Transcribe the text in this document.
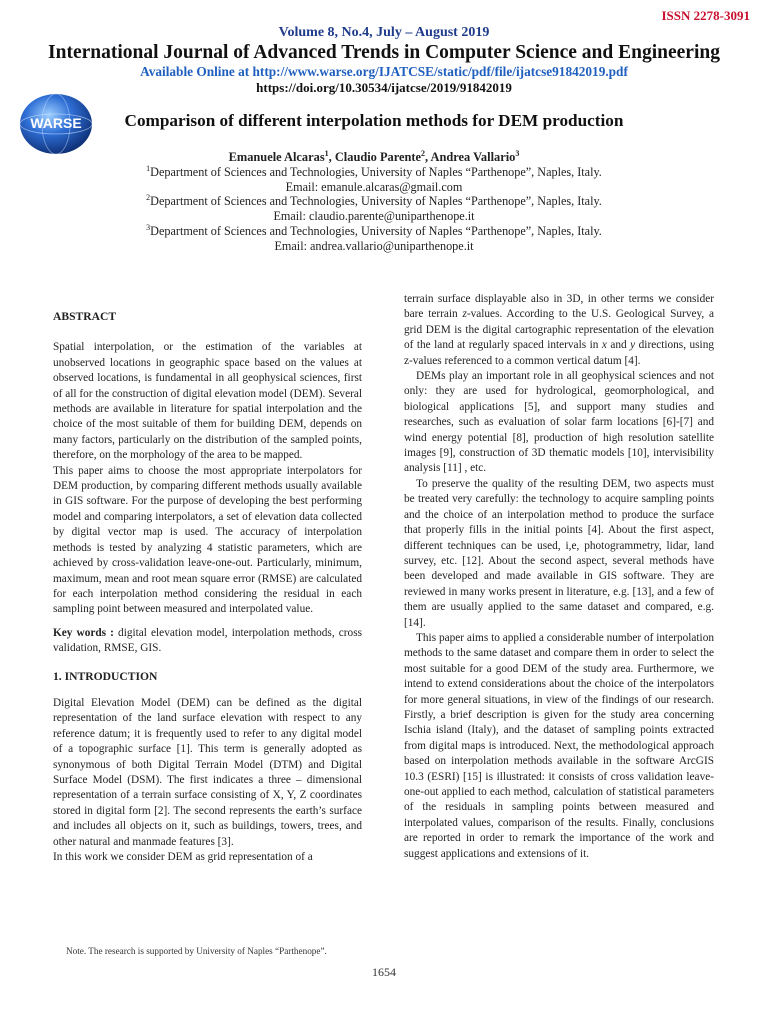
ISSN 2278-3091
Volume 8, No.4, July – August 2019
International Journal of Advanced Trends in Computer Science and Engineering
Available Online at http://www.warse.org/IJATCSE/static/pdf/file/ijatcse91842019.pdf
https://doi.org/10.30534/ijatcse/2019/91842019
WARSE	Comparison of different interpolation methods for DEM production
Emanuele Alcaras$^1$, Claudio Parente$^2$, Andrea Vallario$^3$
$^1$Department of Sciences and Technologies, University of Naples “Parthenope”, Naples, Italy.
Email: emanule.alcaras@gmail.com
$^2$Department of Sciences and Technologies, University of Naples “Parthenope”, Naples, Italy.
Email: claudio.parente@uniparthenope.it
$^3$Department of Sciences and Technologies, University of Naples “Parthenope”, Naples, Italy.
Email: andrea.vallario@uniparthenope.it

ABSTRACT

Spatial interpolation, or the estimation of the variables at unobserved locations in geographic space based on the values at observed locations, is fundamental in all geophysical sciences, first of all for the construction of digital elevation model (DEM). Several methods are available in literature for spatial interpolation and the choice of the most suitable of them for building DEM, depends on many factors, particularly on the distribution of the sampled points, therefore, on the morphology of the area to be mapped.

This paper aims to choose the most appropriate interpolators for DEM production, by comparing different methods usually available in GIS software. For the purpose of developing the best performing model and comparing interpolators, a set of elevation data collected by digital vector map is used. The accuracy of interpolation methods is tested by analyzing 4 statistic parameters, which are achieved by cross-validation leave-one-out. Particularly, minimum, maximum, mean and root mean square error (RMSE) are calculated for each interpolation method considering the residual in each sampling point between measured and interpolated value.

Key words : digital elevation model, interpolation methods, cross validation, RMSE, GIS.

1. INTRODUCTION

Digital Elevation Model (DEM) can be defined as the digital representation of the land surface elevation with respect to any reference datum; it is frequently used to refer to any digital model of a topographic surface [1]. This term is generally adopted as synonymous of both Digital Terrain Model (DTM) and Digital Surface Model (DSM). The first indicates a three – dimensional representation of a terrain surface consisting of X, Y, Z coordinates stored in digital form [2]. The second represents the earth’s surface and includes all objects on it, such as buildings, towers, trees, and other natural and manmade features [3].

In this work we consider DEM as grid representation of a

terrain surface displayable also in 3D, in other terms we consider bare terrain z-values. According to the U.S. Geological Survey, a grid DEM is the digital cartographic representation of the elevation of the land at regularly spaced intervals in x and y directions, using z-values referenced to a common vertical datum [4].

DEMs play an important role in all geophysical sciences and not only: they are used for hydrological, geomorphological, and biological applications [5], and support many studies and researches, such as evaluation of solar farm locations [6]-[7] and wind energy potential [8], production of high resolution satellite images [9], construction of 3D thematic models [10], intervisibility analysis [11] , etc.

To preserve the quality of the resulting DEM, two aspects must be treated very carefully: the technology to acquire sampling points and the choice of an interpolation method to produce the surface that properly fills in the initial points [4]. About the first aspect, different techniques can be used, i,e, photogrammetry, lidar, land survey, etc. [12]. About the second aspect, several methods have been developed and made available in GIS software. They are reviewed in many works present in literature, e.g. [13], and a few of them are usually applied to the same dataset and compared, e.g. [14].

This paper aims to applied a considerable number of interpolation methods to the same dataset and compare them in order to select the most suitable for a good DEM of the study area. Furthermore, we intend to extend considerations about the choice of the interpolators for more general situations, in view of the findings of our research. Firstly, a brief description is given for the study area concerning Ischia island (Italy), and the dataset of sampling points extracted from digital maps is introduced. Next, the methodological approach based on interpolation methods available in the software ArcGIS 10.3 (ESRI) [15] is illustrated: it consists of cross validation leave-one-out applied to each method, calculation of statistical parameters of the residuals in sampling points between measured and interpolated values, comparison of the results. Finally, conclusions are reported in order to remark the importance of the work and suggest applications and extensions of it.

Note. The research is supported by University of Naples “Parthenope”.
1654
